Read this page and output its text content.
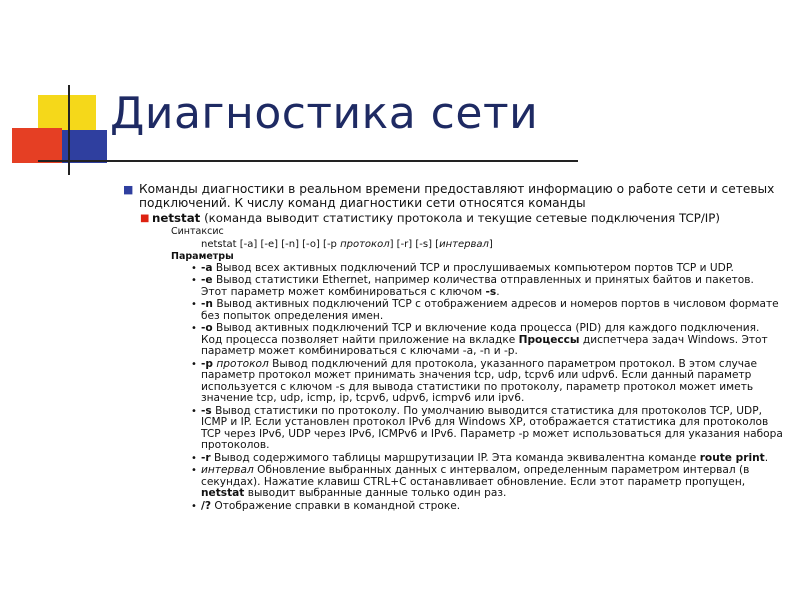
Диагностика сети
■ Команды диагностики в реальном времени предоставляют информацию о работе сети и сетевых подключений. К числу команд диагностики сети относятся команды
■ netstat (команда выводит статистику протокола и текущие сетевые подключения TCP/IP)
Синтаксис
netstat [-a] [-e] [-n] [-o] [-p протокол] [-r] [-s] [интервал]
Параметры
• -a Вывод всех активных подключений TCP и прослушиваемых компьютером портов TCP и UDP.
• -e Вывод статистики Ethernet, например количества отправленных и принятых байтов и пакетов. Этот параметр может комбинироваться с ключом -s.
• -n Вывод активных подключений TCP с отображением адресов и номеров портов в числовом формате без попыток определения имен.
• -o Вывод активных подключений TCP и включение кода процесса (PID) для каждого подключения. Код процесса позволяет найти приложение на вкладке Процессы диспетчера задач Windows. Этот параметр может комбинироваться с ключами -a, -n и -p.
• -p протокол Вывод подключений для протокола, указанного параметром протокол. В этом случае параметр протокол может принимать значения tcp, udp, tcpv6 или udpv6. Если данный параметр используется с ключом -s для вывода статистики по протоколу, параметр протокол может иметь значение tcp, udp, icmp, ip, tcpv6, udpv6, icmpv6 или ipv6.
• -s Вывод статистики по протоколу. По умолчанию выводится статистика для протоколов TCP, UDP, ICMP и IP. Если установлен протокол IPv6 для Windows XP, отображается статистика для протоколов TCP через IPv6, UDP через IPv6, ICMPv6 и IPv6. Параметр -p может использоваться для указания набора протоколов.
• -r Вывод содержимого таблицы маршрутизации IP. Эта команда эквивалентна команде route print.
• интервал Обновление выбранных данных с интервалом, определенным параметром интервал (в секундах). Нажатие клавиш CTRL+C останавливает обновление. Если этот параметр пропущен, netstat выводит выбранные данные только один раз.
• /? Отображение справки в командной строке.
